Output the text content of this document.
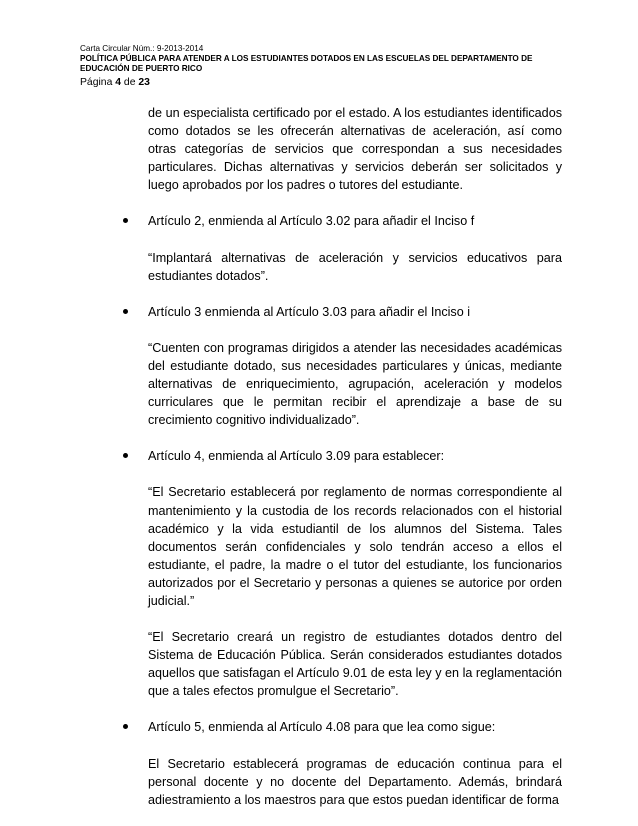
Carta Circular Núm.: 9-2013-2014
POLÍTICA PÚBLICA PARA ATENDER A LOS ESTUDIANTES DOTADOS EN LAS ESCUELAS DEL DEPARTAMENTO DE
EDUCACIÓN DE PUERTO RICO
Página 4 de 23

de un especialista certificado por el estado. A los estudiantes identificados como dotados se les ofrecerán alternativas de aceleración, así como otras categorías de servicios que correspondan a sus necesidades particulares. Dichas alternativas y servicios deberán ser solicitados y luego aprobados por los padres o tutores del estudiante.

Artículo 2, enmienda al Artículo 3.02 para añadir el Inciso f

“Implantará alternativas de aceleración y servicios educativos para estudiantes dotados”.

Artículo 3 enmienda al Artículo 3.03 para añadir el Inciso i

“Cuenten con programas dirigidos a atender las necesidades académicas del estudiante dotado, sus necesidades particulares y únicas, mediante alternativas de enriquecimiento, agrupación, aceleración y modelos curriculares que le permitan recibir el aprendizaje a base de su crecimiento cognitivo individualizado”.

Artículo 4, enmienda al Artículo 3.09 para establecer:

“El Secretario establecerá por reglamento de normas correspondiente al mantenimiento y la custodia de los records relacionados con el historial académico y la vida estudiantil de los alumnos del Sistema. Tales documentos serán confidenciales y solo tendrán acceso a ellos el estudiante, el padre, la madre o el tutor del estudiante, los funcionarios autorizados por el Secretario y personas a quienes se autorice por orden judicial.”

“El Secretario creará un registro de estudiantes dotados dentro del Sistema de Educación Pública. Serán considerados estudiantes dotados aquellos que satisfagan el Artículo 9.01 de esta ley y en la reglamentación que a tales efectos promulgue el Secretario”.

Artículo 5, enmienda al Artículo 4.08 para que lea como sigue:

El Secretario establecerá programas de educación continua para el personal docente y no docente del Departamento. Además, brindará adiestramiento a los maestros para que estos puedan identificar de forma
